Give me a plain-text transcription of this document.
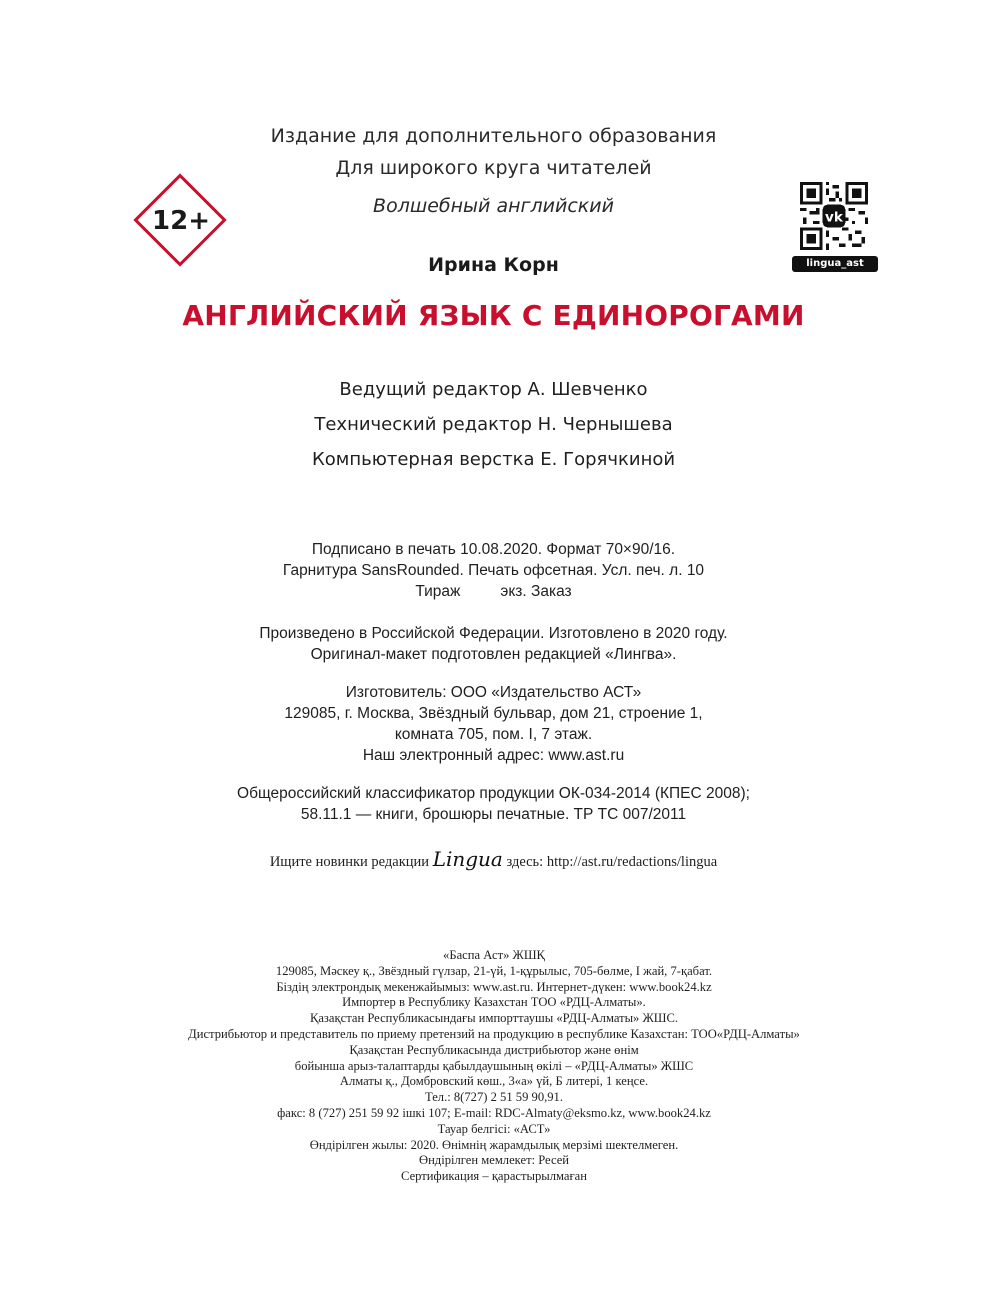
Издание для дополнительного образования
Для широкого круга читателей
Волшебный английский
12+	vk
lingua_ast
Ирина Корн
АНГЛИЙСКИЙ ЯЗЫК С ЕДИНОРОГАМИ
Ведущий редактор А. Шевченко
Технический редактор Н. Чернышева
Компьютерная верстка Е. Горячкиной
Подписано в печать 10.08.2020. Формат 70×90/16.
Гарнитура SansRounded. Печать офсетная. Усл. печ. л. 10
Тираж	экз. Заказ
Произведено в Российской Федерации. Изготовлено в 2020 году.
Оригинал-макет подготовлен редакцией «Лингва».
Изготовитель: ООО «Издательство АСТ»
129085, г. Москва, Звёздный бульвар, дом 21, строение 1,
комната 705, пом. I, 7 этаж.
Наш электронный адрес: www.ast.ru
Общероссийский классификатор продукции ОК-034-2014 (КПЕС 2008);
58.11.1 — книги, брошюры печатные. ТР ТС 007/2011
Ищите новинки редакции Lingua здесь: http://ast.ru/redactions/lingua
«Баспа Аст» ЖШҚ
129085, Мәскеу қ., Звёздный гүлзар, 21-үй, 1-құрылыс, 705-бөлме, I жай, 7-қабат.
Біздің электрондық мекенжайымыз: www.ast.ru. Интернет-дүкен: www.book24.kz
Импортер в Республику Казахстан ТОО «РДЦ-Алматы».
Қазақстан Республикасындағы импорттаушы «РДЦ-Алматы» ЖШС.
Дистрибьютор и представитель по приему претензий на продукцию в республике Казахстан: ТОО«РДЦ-Алматы»
Қазақстан Республикасында дистрибьютор және өнім
бойынша арыз-талаптарды қабылдаушының өкілі – «РДЦ-Алматы» ЖШС
Алматы қ., Домбровский көш., 3«а» үй, Б литері, 1 кеңсе.
Тел.: 8(727) 2 51 59 90,91.
факс: 8 (727) 251 59 92 ішкі 107; E-mail: RDC-Almaty@eksmo.kz, www.book24.kz
Тауар белгісі: «АСТ»
Өндірілген жылы: 2020. Өнімнің жарамдылық мерзімі шектелмеген.
Өндірілген мемлекет: Ресей
Сертификация – қарастырылмаған
